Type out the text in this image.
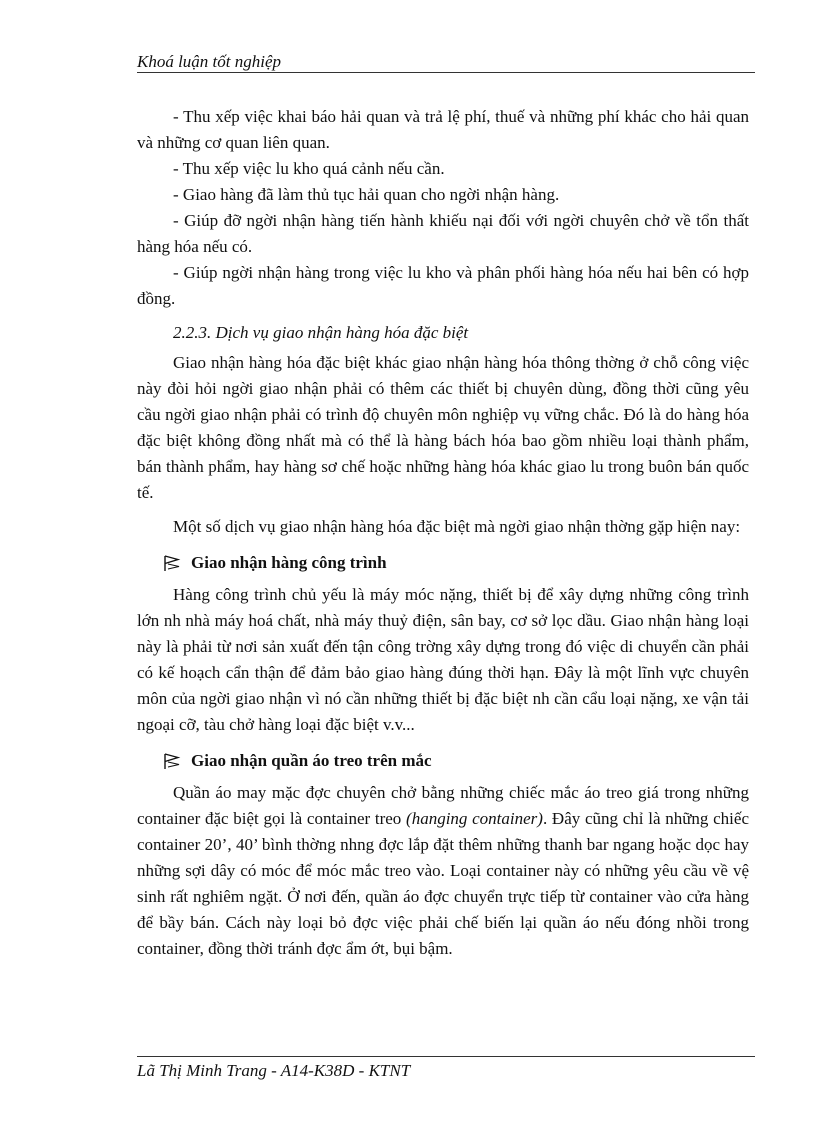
Khoá luận tốt nghiệp

- Thu xếp việc khai báo hải quan và trả lệ phí, thuế và những phí khác cho hải quan và những cơ quan liên quan.

- Thu xếp việc lu kho quá cảnh nếu cần.

- Giao hàng đã làm thủ tục hải quan cho ngời nhận hàng.

- Giúp đỡ ngời nhận hàng tiến hành khiếu nại đối với ngời chuyên chở về tổn thất hàng hóa nếu có.

- Giúp ngời nhận hàng trong việc lu kho và phân phối hàng hóa nếu hai bên có hợp đồng.

2.2.3. Dịch vụ giao nhận hàng hóa đặc biệt

Giao nhận hàng hóa đặc biệt khác giao nhận hàng hóa thông thờng ở chỗ công việc này đòi hỏi ngời giao nhận phải có thêm các thiết bị chuyên dùng, đồng thời cũng yêu cầu ngời giao nhận phải có trình độ chuyên môn nghiệp vụ vững chắc. Đó là do hàng hóa đặc biệt không đồng nhất mà có thể là hàng bách hóa bao gồm nhiều loại thành phẩm, bán thành phẩm, hay hàng sơ chế hoặc những hàng hóa khác giao lu trong buôn bán quốc tế.

Một số dịch vụ giao nhận hàng hóa đặc biệt mà ngời giao nhận thờng gặp hiện nay:

Giao nhận hàng công trình

Hàng công trình chủ yếu là máy móc nặng, thiết bị để xây dựng những công trình lớn nh nhà máy hoá chất, nhà máy thuỷ điện, sân bay, cơ sở lọc dầu. Giao nhận hàng loại này là phải từ nơi sản xuất đến tận công trờng xây dựng trong đó việc di chuyển cần phải có kế hoạch cẩn thận để đảm bảo giao hàng đúng thời hạn. Đây là một lĩnh vực chuyên môn của ngời giao nhận vì nó cần những thiết bị đặc biệt nh cần cẩu loại nặng, xe vận tải ngoại cỡ, tàu chở hàng loại đặc biệt v.v...

Giao nhận quần áo treo trên mắc

Quần áo may mặc đợc chuyên chở bằng những chiếc mắc áo treo giá trong những container đặc biệt gọi là container treo (hanging container). Đây cũng chỉ là những chiếc container 20’, 40’ bình thờng nhng đợc lắp đặt thêm những thanh bar ngang hoặc dọc hay những sợi dây có móc để móc mắc treo vào. Loại container này có những yêu cầu về vệ sinh rất nghiêm ngặt. Ở nơi đến, quần áo đợc chuyển trực tiếp từ container vào cửa hàng để bầy bán. Cách này loại bỏ đợc việc phải chế biến lại quần áo nếu đóng nhồi trong container, đồng thời tránh đợc ẩm ớt, bụi bậm.

Lã Thị Minh Trang - A14-K38D - KTNT
